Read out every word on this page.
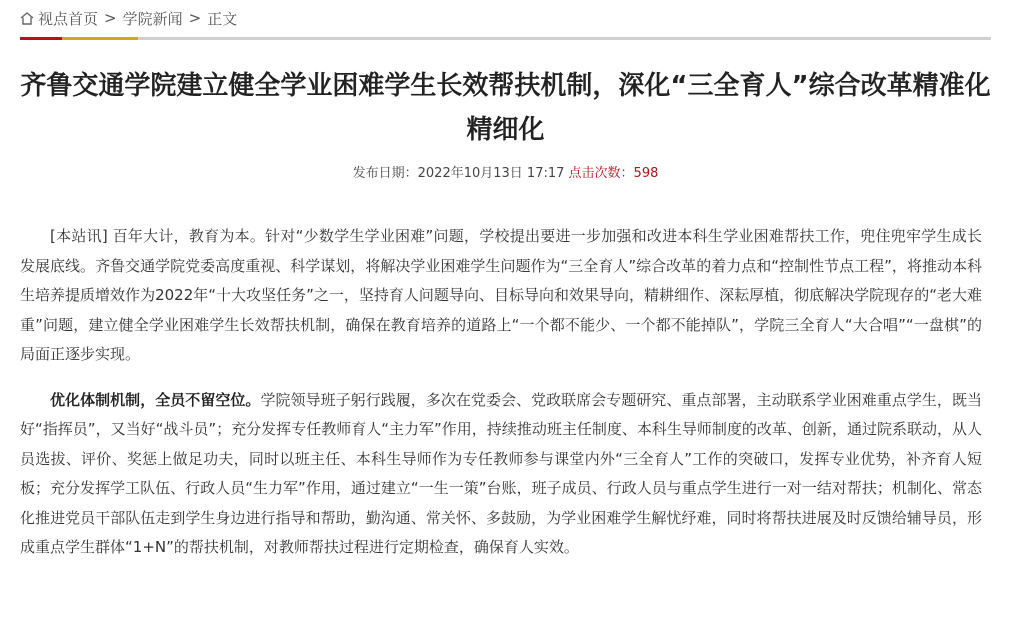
视点首页 > 学院新闻 > 正文
齐鲁交通学院建立健全学业困难学生长效帮扶机制，深化“三全育人”综合改革精准化精细化
发布日期：2022年10月13日 17:17 点击次数：598

[本站讯] 百年大计，教育为本。针对“少数学生学业困难”问题，学校提出要进一步加强和改进本科生学业困难帮扶工作，兜住兜牢学生成长发展底线。齐鲁交通学院党委高度重视、科学谋划，将解决学业困难学生问题作为“三全育人”综合改革的着力点和“控制性节点工程”，将推动本科生培养提质增效作为2022年“十大攻坚任务”之一，坚持育人问题导向、目标导向和效果导向，精耕细作、深耘厚植，彻底解决学院现存的“老大难重”问题，建立健全学业困难学生长效帮扶机制，确保在教育培养的道路上“一个都不能少、一个都不能掉队”，学院三全育人“大合唱”“一盘棋”的局面正逐步实现。

优化体制机制，全员不留空位。学院领导班子躬行践履，多次在党委会、党政联席会专题研究、重点部署，主动联系学业困难重点学生，既当好“指挥员”，又当好“战斗员”；充分发挥专任教师育人“主力军”作用，持续推动班主任制度、本科生导师制度的改革、创新，通过院系联动，从人员选拔、评价、奖惩上做足功夫，同时以班主任、本科生导师作为专任教师参与课堂内外“三全育人”工作的突破口，发挥专业优势，补齐育人短板；充分发挥学工队伍、行政人员“生力军”作用，通过建立“一生一策”台账，班子成员、行政人员与重点学生进行一对一结对帮扶；机制化、常态化推进党员干部队伍走到学生身边进行指导和帮助，勤沟通、常关怀、多鼓励，为学业困难学生解忧纾难，同时将帮扶进展及时反馈给辅导员，形成重点学生群体“1+N”的帮扶机制，对教师帮扶过程进行定期检查，确保育人实效。
